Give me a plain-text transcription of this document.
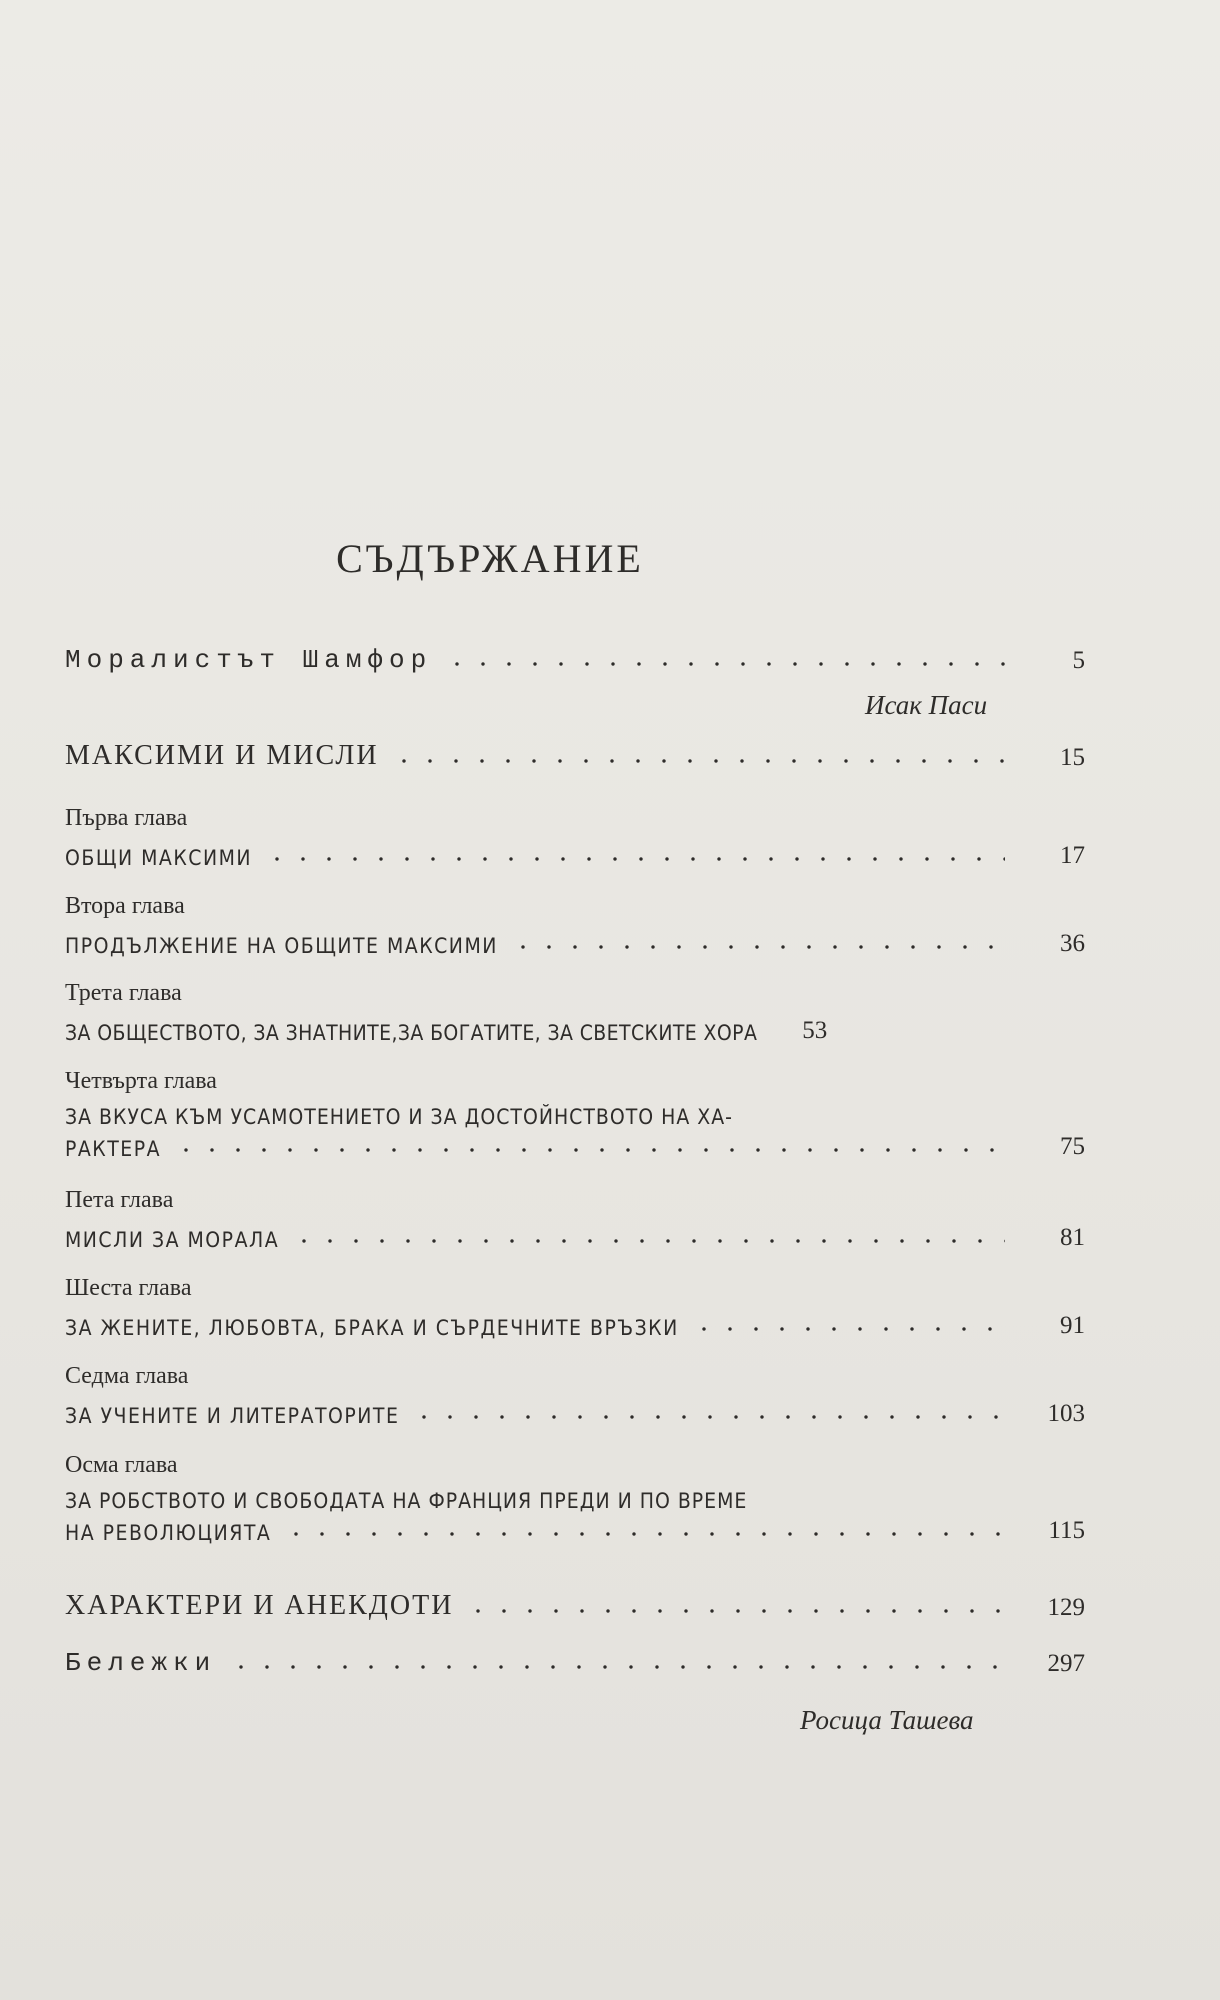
СЪДЪРЖАНИЕ
Моралистът Шамфор	5
Исак Паси
МАКСИМИ И МИСЛИ	15
Първа глава
ОБЩИ МАКСИМИ	17
Втора глава
ПРОДЪЛЖЕНИЕ НА ОБЩИТЕ МАКСИМИ	36
Трета глава
ЗА ОБЩЕСТВОТО, ЗА ЗНАТНИТЕ,ЗА БОГАТИТЕ, ЗА СВЕТСКИТЕ ХОРА	53
Четвърта глава
ЗА ВКУСА КЪМ УСАМОТЕНИЕТО И ЗА ДОСТОЙНСТВОТО НА ХА-
РАКТЕРА	75
Пета глава
МИСЛИ ЗА МОРАЛА	81
Шеста глава
ЗА ЖЕНИТЕ, ЛЮБОВТА, БРАКА И СЪРДЕЧНИТЕ ВРЪЗКИ	91
Седма глава
ЗА УЧЕНИТЕ И ЛИТЕРАТОРИТЕ	103
Осма глава
ЗА РОБСТВОТО И СВОБОДАТА НА ФРАНЦИЯ ПРЕДИ И ПО ВРЕМЕ
НА РЕВОЛЮЦИЯТА	115
ХАРАКТЕРИ И АНЕКДОТИ	129
Бележки	297
Росица Ташева
